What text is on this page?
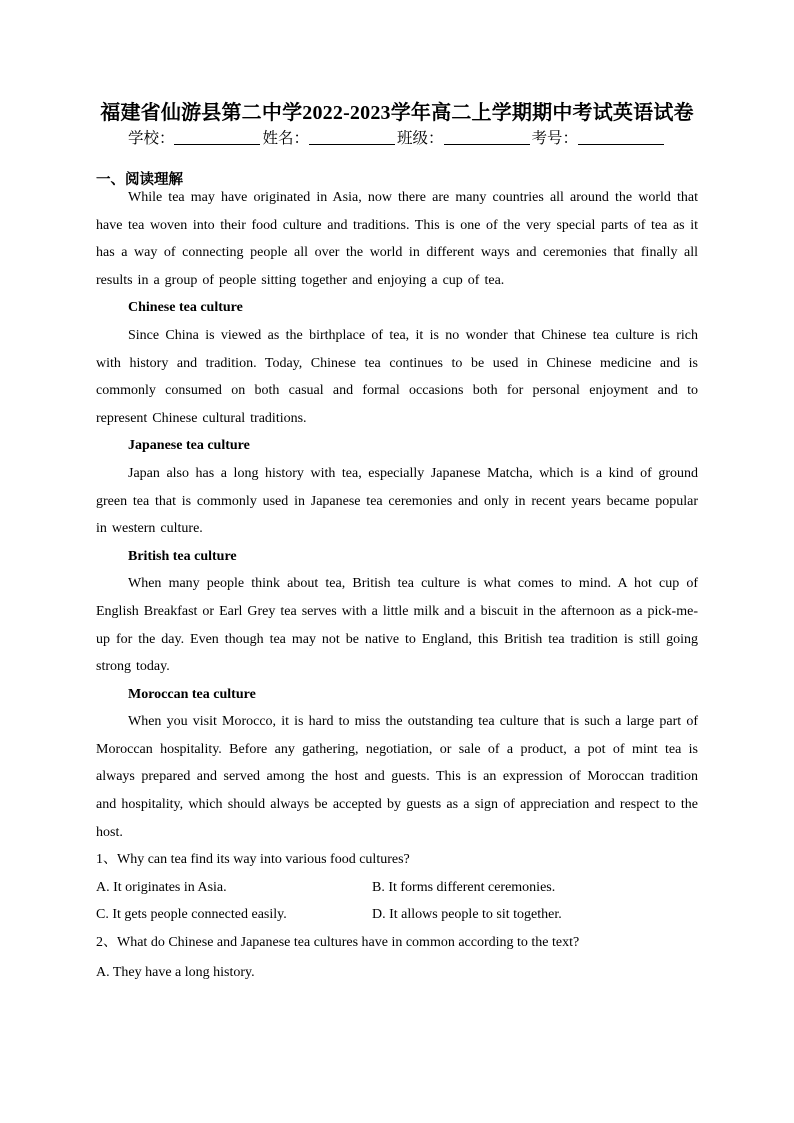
福建省仙游县第二中学2022-2023学年高二上学期期中考试英语试卷
学校：	姓名：	班级：	考号：
一、阅读理解

While tea may have originated in Asia, now there are many countries all around the world that have tea woven into their food culture and traditions. This is one of the very special parts of tea as it has a way of connecting people all over the world in different ways and ceremonies that finally all results in a group of people sitting together and enjoying a cup of tea.

Chinese tea culture

Since China is viewed as the birthplace of tea, it is no wonder that Chinese tea culture is rich with history and tradition. Today, Chinese tea continues to be used in Chinese medicine and is commonly consumed on both casual and formal occasions both for personal enjoyment and to represent Chinese cultural traditions.

Japanese tea culture

Japan also has a long history with tea, especially Japanese Matcha, which is a kind of ground green tea that is commonly used in Japanese tea ceremonies and only in recent years became popular in western culture.

British tea culture

When many people think about tea, British tea culture is what comes to mind. A hot cup of English Breakfast or Earl Grey tea serves with a little milk and a biscuit in the afternoon as a pick-me-up for the day. Even though tea may not be native to England, this British tea tradition is still going strong today.

Moroccan tea culture

When you visit Morocco, it is hard to miss the outstanding tea culture that is such a large part of Moroccan hospitality. Before any gathering, negotiation, or sale of a product, a pot of mint tea is always prepared and served among the host and guests. This is an expression of Moroccan tradition and hospitality, which should always be accepted by guests as a sign of appreciation and respect to the host.

1、Why can tea find its way into various food cultures?

A. It originates in Asia.	B. It forms different ceremonies.
C. It gets people connected easily.	D. It allows people to sit together.

2、What do Chinese and Japanese tea cultures have in common according to the text?

A. They have a long history.
